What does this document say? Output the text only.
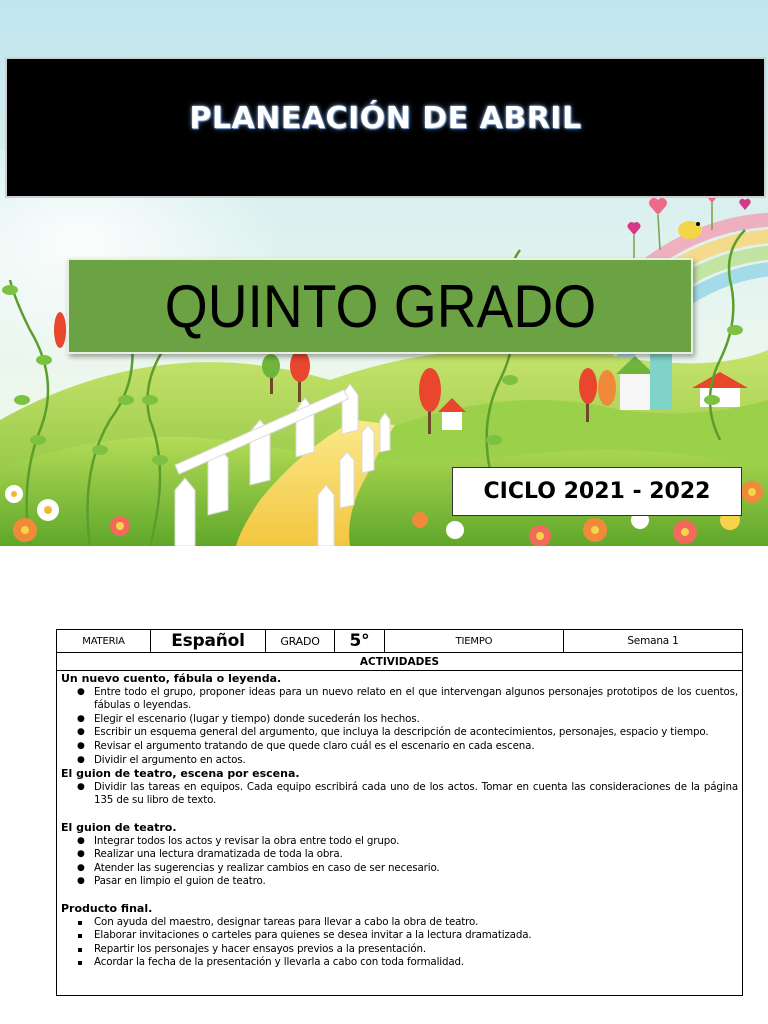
PLANEACIÓN DE ABRIL
QUINTO GRADO
CICLO 2021 - 2022
MATERIA	Español	GRADO	5°	TIEMPO	Semana 1
ACTIVIDADES
Un nuevo cuento, fábula o leyenda.
● Entre todo el grupo, proponer ideas para un nuevo relato en el que intervengan algunos personajes prototipos de los cuentos, fábulas o leyendas.
● Elegir el escenario (lugar y tiempo) donde sucederán los hechos.
● Escribir un esquema general del argumento, que incluya la descripción de acontecimientos, personajes, espacio y tiempo.
● Revisar el argumento tratando de que quede claro cuál es el escenario en cada escena.
● Dividir el argumento en actos.
El guion de teatro, escena por escena.
● Dividir las tareas en equipos. Cada equipo escribirá cada uno de los actos. Tomar en cuenta las consideraciones de la página 135 de su libro de texto.
El guion de teatro.
● Integrar todos los actos y revisar la obra entre todo el grupo.
● Realizar una lectura dramatizada de toda la obra.
● Atender las sugerencias y realizar cambios en caso de ser necesario.
● Pasar en limpio el guion de teatro.
Producto final.
Con ayuda del maestro, designar tareas para llevar a cabo la obra de teatro.
Elaborar invitaciones o carteles para quienes se desea invitar a la lectura dramatizada.
Repartir los personajes y hacer ensayos previos a la presentación.
Acordar la fecha de la presentación y llevarla a cabo con toda formalidad.
